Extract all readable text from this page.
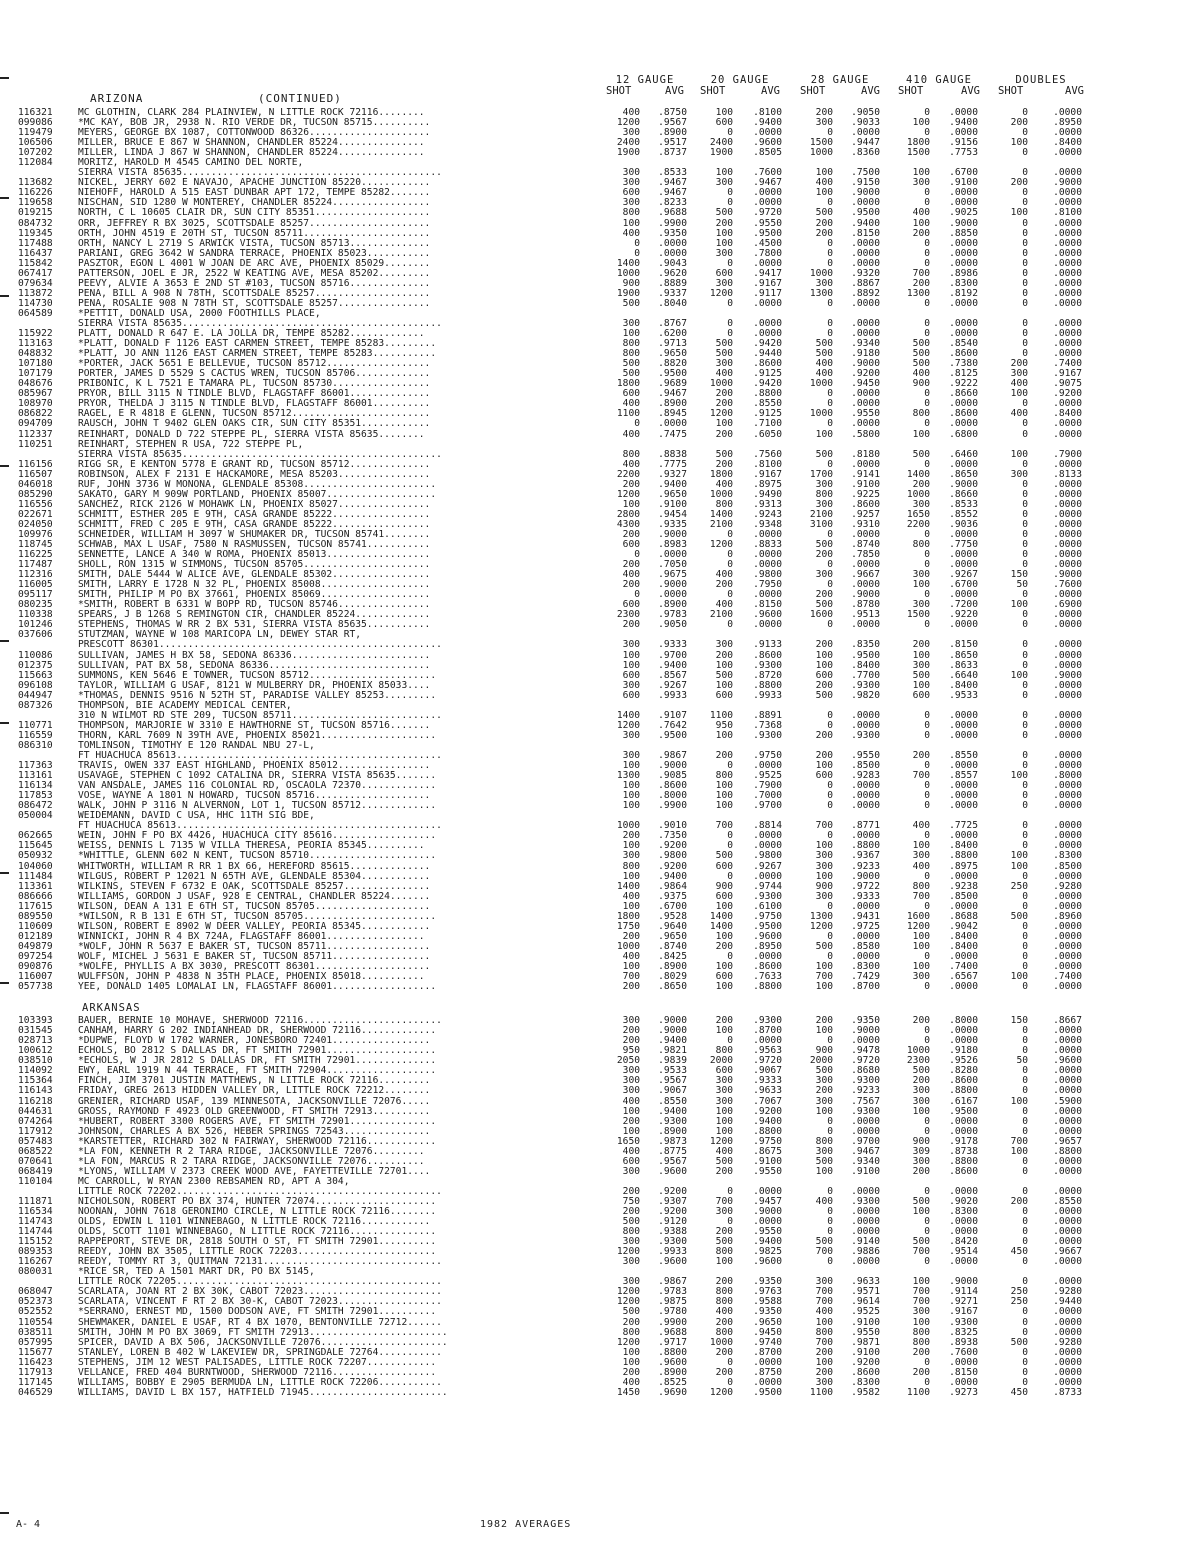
ARIZONA	(CONTINUED)
12 GAUGE
SHOT	AVG
20 GAUGE
SHOT	AVG
28 GAUGE
SHOT	AVG
410 GAUGE
SHOT	AVG
DOUBLES
SHOT	AVG
116321	MC GLOTHIN, CLARK 284 PLAINVIEW, N LITTLE ROCK 72116........	400	.8750	100	.8100	200	.9050	0	.0000	0	.0000
099086	*MC KAY, BOB JR, 2938 N. RIO VERDE DR, TUCSON 85715..........	1200	.9567	600	.9400	300	.9033	100	.9400	200	.8950
119479	MEYERS, GEORGE BX 1087, COTTONWOOD 86326.....................	300	.8900	0	.0000	0	.0000	0	.0000	0	.0000
106506	MILLER, BRUCE E 867 W SHANNON, CHANDLER 85224...............	2400	.9517	2400	.9600	1500	.9447	1800	.9156	100	.8400
107202	MILLER, LINDA J 867 W SHANNON, CHANDLER 85224...............	1900	.8737	1900	.8505	1000	.8360	1500	.7753	0	.0000
112084	MORITZ, HAROLD M 4545 CAMINO DEL NORTE,
SIERRA VISTA 85635.............................................	300	.8533	100	.7600	100	.7500	100	.6700	0	.0000
113682	NICKEL, JERRY 602 E NAVAJO, APACHE JUNCTION 85220............	300	.9467	300	.9467	400	.9150	300	.9100	200	.9000
116226	NIEHOFF, HAROLD A 515 EAST DUNBAR APT 172, TEMPE 85282.......	600	.9467	0	.0000	100	.9000	0	.0000	0	.0000
119658	NISCHAN, SID 1280 W MONTEREY, CHANDLER 85224.................	300	.8233	0	.0000	0	.0000	0	.0000	0	.0000
019215	NORTH, C L 10605 CLAIR DR, SUN CITY 85351....................	800	.9688	500	.9720	500	.9500	400	.9025	100	.8100
084732	ORR, JEFFREY R BX 3025, SCOTTSDALE 85257.....................	100	.9900	200	.9550	200	.9400	100	.9000	0	.0000
119345	ORTH, JOHN 4519 E 20TH ST, TUCSON 85711......................	400	.9350	100	.9500	200	.8150	200	.8850	0	.0000
117488	ORTH, NANCY L 2719 S ARWICK VISTA, TUCSON 85713..............	0	.0000	100	.4500	0	.0000	0	.0000	0	.0000
116437	PARIANI, GREG 3642 W SANDRA TERRACE, PHOENIX 85023...........	0	.0000	300	.7800	0	.0000	0	.0000	0	.0000
115842	PASZTOR, EGON L 4001 W JOAN DE ARC AVE, PHOENIX 85029........	1400	.9043	0	.0000	0	.0000	0	.0000	0	.0000
067417	PATTERSON, JOEL E JR, 2522 W KEATING AVE, MESA 85202.........	1000	.9620	600	.9417	1000	.9320	700	.8986	0	.0000
079634	PEEVY, ALVIE A 3653 E 2ND ST #103, TUCSON 85716..............	900	.8889	300	.9167	300	.8867	200	.8300	0	.0000
113872	PENA, BILL A 908 N 78TH, SCOTTSDALE 85257....................	1900	.9337	1200	.9117	1300	.8892	1300	.8192	0	.0000
114730	PENA, ROSALIE 908 N 78TH ST, SCOTTSDALE 85257................	500	.8040	0	.0000	0	.0000	0	.0000	0	.0000
064589	*PETTIT, DONALD USA, 2000 FOOTHILLS PLACE,
SIERRA VISTA 85635.............................................	300	.8767	0	.0000	0	.0000	0	.0000	0	.0000
115922	PLATT, DONALD R 647 E. LA JOLLA DR, TEMPE 85282.............	100	.6200	0	.0000	0	.0000	0	.0000	0	.0000
113163	*PLATT, DONALD F 1126 EAST CARMEN STREET, TEMPE 85283.........	800	.9713	500	.9420	500	.9340	500	.8540	0	.0000
048832	*PLATT, JO ANN 1126 EAST CARMEN STREET, TEMPE 85283...........	800	.9650	500	.9440	500	.9180	500	.8600	0	.0000
107180	*PORTER, JACK 5651 E BELLEVUE, TUCSON 85712..................	500	.8820	300	.8600	400	.9000	500	.7380	200	.7400
107179	PORTER, JAMES D 5529 S CACTUS WREN, TUCSON 85706.............	500	.9500	400	.9125	400	.9200	400	.8125	300	.9167
048676	PRIBONIC, K L 7521 E TAMARA PL, TUCSON 85730.................	1800	.9689	1000	.9420	1000	.9450	900	.9222	400	.9075
085967	PRYOR, BILL 3115 N TINDLE BLVD, FLAGSTAFF 86001..............	600	.9467	200	.8800	0	.0000	0	.8660	100	.9200
108970	PRYOR, THELDA J 3115 N TINDLE BLVD, FLAGSTAFF 86001..........	400	.8900	200	.8550	0	.0000	0	.0000	0	.0000
086822	RAGEL, E R 4818 E GLENN, TUCSON 85712........................	1100	.8945	1200	.9125	1000	.9550	800	.8600	400	.8400
094709	RAUSCH, JOHN T 9402 GLEN OAKS CIR, SUN CITY 85351............	0	.0000	100	.7100	0	.0000	0	.0000	0	.0000
112337	REINHART, DONALD D 722 STEPPE PL, SIERRA VISTA 85635........	400	.7475	200	.6050	100	.5800	100	.6800	0	.0000
110251	REINHART, STEPHEN R USA, 722 STEPPE PL,
SIERRA VISTA 85635.............................................	800	.8838	500	.7560	500	.8180	500	.6460	100	.7900
116156	RIGG SR, E KENTON 5778 E GRANT RD, TUCSON 85712..............	400	.7775	200	.8100	0	.0000	0	.0000	0	.0000
116507	ROBINSON, ALEX F 2131 E HACKAMORE, MESA 85203................	2200	.9327	1800	.9167	1700	.9141	1400	.8650	300	.8133
046018	RUF, JOHN 3736 W MONONA, GLENDALE 85308.......................	200	.9400	400	.8975	300	.9100	200	.9000	0	.0000
085290	SAKATO, GARY M 909W PORTLAND, PHOENIX 85007...................	1200	.9650	1000	.9490	800	.9225	1000	.8660	0	.0000
116556	SANCHEZ, RICK 2126 W MOHAWK LN, PHOENIX 85027................	100	.9100	800	.9313	300	.8600	300	.8533	0	.0000
022671	SCHMITT, ESTHER 205 E 9TH, CASA GRANDE 85222.................	2800	.9454	1400	.9243	2100	.9257	1650	.8552	0	.0000
024050	SCHMITT, FRED C 205 E 9TH, CASA GRANDE 85222.................	4300	.9335	2100	.9348	3100	.9310	2200	.9036	0	.0000
109976	SCHNEIDER, WILLIAM H 3097 W SHUMAKER DR, TUCSON 85741........	200	.9000	0	.0000	0	.0000	0	.0000	0	.0000
118745	SCHWAB, MAX L USAF, 7580 N RASMUSSEN, TUCSON 85741...........	600	.8983	1200	.8833	500	.8740	800	.7750	0	.0000
116225	SENNETTE, LANCE A 340 W ROMA, PHOENIX 85013..................	0	.0000	0	.0000	200	.7850	0	.0000	0	.0000
117487	SHOLL, RON 1315 W SIMMONS, TUCSON 85705......................	200	.7050	0	.0000	0	.0000	0	.0000	0	.0000
112316	SMITH, DALE 5444 W ALICE AVE, GLENDALE 85302.................	400	.9675	400	.9800	300	.9667	300	.9267	150	.9000
116005	SMITH, LARRY E 1728 N 32 PL, PHOENIX 85008...................	200	.9000	200	.7950	0	.0000	100	.6700	50	.7600
095117	SMITH, PHILIP M PO BX 37661, PHOENIX 85069...................	0	.0000	0	.0000	200	.9000	0	.0000	0	.0000
080235	*SMITH, ROBERT B 6331 W BOPP RD, TUCSON 85746................	600	.8900	400	.8150	500	.8780	300	.7200	100	.6900
110338	SPEARS, J B 1268 S REMINGTON CIR, CHANDLER 85224.............	2300	.9783	2100	.9600	1600	.9513	1500	.9220	0	.0000
101246	STEPHENS, THOMAS W RR 2 BX 531, SIERRA VISTA 85635...........	200	.9050	0	.0000	0	.0000	0	.0000	0	.0000
037606	STUTZMAN, WAYNE W 108 MARICOPA LN, DEWEY STAR RT,
PRESCOTT 86301.................................................	300	.9333	300	.9133	200	.8350	200	.8150	0	.0000
110086	SULLIVAN, JAMES H BX 58, SEDONA 86336........................	100	.9700	200	.8600	100	.9500	100	.8650	0	.0000
012375	SULLIVAN, PAT BX 58, SEDONA 86336............................	100	.9400	100	.9300	100	.8400	300	.8633	0	.0000
115663	SUMMONS, KEN 5646 E TOWNER, TUCSON 85712......................	600	.8567	500	.8720	600	.7700	500	.6640	100	.9000
096108	TAYLOR, WILLIAM G USAF, 8121 W MULBERRY DR, PHOENIX 85033....	300	.9267	100	.8800	200	.9300	100	.8400	0	.0000
044947	*THOMAS, DENNIS 9516 N 52TH ST, PARADISE VALLEY 85253.........	600	.9933	600	.9933	500	.9820	600	.9533	0	.0000
087326	THOMPSON, BIE ACADEMY MEDICAL CENTER,
310 N WILMOT RD STE 209, TUCSON 85711..........................	1400	.9107	1100	.8891	0	.0000	0	.0000	0	.0000
110771	THOMPSON, MARJORIE W 3310 E HAWTHORNE ST, TUCSON 85716.......	1200	.7642	950	.7368	0	.0000	0	.0000	0	.0000
116559	THORN, KARL 7609 N 39TH AVE, PHOENIX 85021....................	300	.9500	100	.9300	200	.9300	0	.0000	0	.0000
086310	TOMLINSON, TIMOTHY E 120 RANDAL NBU 27-L,
FT HUACHUCA 85613..............................................	300	.9867	200	.9750	200	.9550	200	.8550	0	.0000
117363	TRAVIS, OWEN 337 EAST HIGHLAND, PHOENIX 85012................	100	.9000	0	.0000	100	.8500	0	.0000	0	.0000
113161	USAVAGE, STEPHEN C 1092 CATALINA DR, SIERRA VISTA 85635.......	1300	.9085	800	.9525	600	.9283	700	.8557	100	.8000
116134	VAN ANSDALE, JAMES 116 COLONIAL RD, OSCAOLA 72370.............	100	.8600	100	.7900	0	.0000	0	.0000	0	.0000
117853	VOSE, WAYNE A 1801 N HOWARD, TUCSON 85716....................	100	.8000	100	.7000	0	.0000	0	.0000	0	.0000
086472	WALK, JOHN P 3116 N ALVERNON, LOT 1, TUCSON 85712.............	100	.9900	100	.9700	0	.0000	0	.0000	0	.0000
050004	WEIDEMANN, DAVID C USA, HHC 11TH SIG BDE,
FT HUACHUCA 85613..............................................	1000	.9010	700	.8814	700	.8771	400	.7725	0	.0000
062665	WEIN, JOHN F PO BX 4426, HUACHUCA CITY 85616..................	200	.7350	0	.0000	0	.0000	0	.0000	0	.0000
115645	WEISS, DENNIS L 7135 W VILLA THERESA, PEORIA 85345..........	100	.9200	0	.0000	100	.8800	100	.8400	0	.0000
050932	*WHITTLE, GLENN 602 N KENT, TUCSON 85710......................	300	.9800	500	.9800	300	.9367	300	.8800	100	.8300
104060	WHITWORTH, WILLIAM R RR 1 BX 66, HEREFORD 85615..............	800	.9200	600	.9267	300	.9233	400	.8975	100	.8500
111484	WILGUS, ROBERT P 12021 N 65TH AVE, GLENDALE 85304............	100	.9400	0	.0000	100	.9000	0	.0000	0	.0000
113361	WILKINS, STEVEN F 6732 E OAK, SCOTTSDALE 85257...............	1400	.9864	900	.9744	900	.9722	800	.9238	250	.9280
086666	WILLIAMS, GORDON J USAF, 928 E CENTRAL, CHANDLER 85224.......	400	.9375	600	.9300	300	.9333	700	.8500	0	.0000
117615	WILSON, DEAN A 131 E 6TH ST, TUCSON 85705....................	100	.6700	100	.6100	0	.0000	0	.0000	0	.0000
089550	*WILSON, R B 131 E 6TH ST, TUCSON 85705.......................	1800	.9528	1400	.9750	1300	.9431	1600	.8688	500	.8960
110609	WILSON, ROBERT E 8902 W DEER VALLEY, PEORIA 85345............	1750	.9640	1400	.9500	1200	.9725	1200	.9042	0	.0000
012189	WINNICKI, JOHN R 4 BX 724A, FLAGSTAFF 86001.................	200	.9650	100	.9600	0	.0000	100	.8400	0	.0000
049879	*WOLF, JOHN R 5637 E BAKER ST, TUCSON 85711..................	1000	.8740	200	.8950	500	.8580	100	.8400	0	.0000
097254	WOLF, MICHEL J 5631 E BAKER ST, TUCSON 85711.................	400	.8425	0	.0000	0	.0000	0	.0000	0	.0000
090876	*WOLFE, PHYLLIS A BX 3030, PRESCOTT 86301....................	100	.8900	100	.8600	100	.8300	100	.7400	0	.0000
116007	WULFFSON, JOHN P 4838 N 35TH PLACE, PHOENIX 85018...........	700	.8029	600	.7633	700	.7429	300	.6567	100	.7400
057738	YEE, DONALD 1405 LOMALAI LN, FLAGSTAFF 86001..................	200	.8650	100	.8800	100	.8700	0	.0000	0	.0000
ARKANSAS
103393	BAUER, BERNIE 10 MOHAVE, SHERWOOD 72116........................	300	.9000	200	.9300	200	.9350	200	.8000	150	.8667
031545	CANHAM, HARRY G 202 INDIANHEAD DR, SHERWOOD 72116.............	200	.9000	100	.8700	100	.9000	0	.0000	0	.0000
028713	*DUPWE, FLOYD W 1702 WARNER, JONESBORO 72401.................	200	.9400	0	.0000	0	.0000	0	.0000	0	.0000
100612	ECHOLS, BO 2812 S DALLAS DR, FT SMITH 72901...................	950	.9821	800	.9563	900	.9478	1000	.9180	0	.0000
038510	*ECHOLS, W J JR 2812 S DALLAS DR, FT SMITH 72901..............	2050	.9839	2000	.9720	2000	.9720	2300	.9526	50	.9600
114092	EWY, EARL 1919 N 44 TERRACE, FT SMITH 72904...................	300	.9533	600	.9067	500	.8680	500	.8280	0	.0000
115364	FINCH, JIM 3701 JUSTIN MATTHEWS, N LITTLE ROCK 72116.........	300	.9567	300	.9333	300	.9300	200	.8600	0	.0000
116143	FRIDAY, GREG 2613 HIDDEN VALLEY DR, LITTLE ROCK 72212........	300	.9067	300	.9633	200	.9233	300	.8800	0	.0000
116218	GRENIER, RICHARD USAF, 139 MINNESOTA, JACKSONVILLE 72076.....	400	.8550	300	.7067	300	.7567	300	.6167	100	.5900
044631	GROSS, RAYMOND F 4923 OLD GREENWOOD, FT SMITH 72913..........	100	.9400	100	.9200	100	.9300	100	.9500	0	.0000
074264	*HUBERT, ROBERT 3300 ROGERS AVE, FT SMITH 72901...............	200	.9300	100	.9400	0	.0000	0	.0000	0	.0000
117912	JOHNSON, CHARLES A BX 526, HEBER SPRINGS 72543...............	100	.8900	100	.8800	0	.0000	0	.0000	0	.0000
057483	*KARSTETTER, RICHARD 302 N FAIRWAY, SHERWOOD 72116............	1650	.9873	1200	.9750	800	.9700	900	.9178	700	.9657
068522	*LA FON, KENNETH R 2 TARA RIDGE, JACKSONVILLE 72076.........	400	.8775	400	.8675	300	.9467	309	.8738	100	.8800
070641	*LA FON, MARCUS R 2 TARA RIDGE, JACKSONVILLE 72076..........	600	.9567	500	.9100	500	.9340	300	.8800	0	.0000
068419	*LYONS, WILLIAM V 2373 CREEK WOOD AVE, FAYETTEVILLE 72701....	300	.9600	200	.9550	100	.9100	200	.8600	0	.0000
110104	MC CARROLL, W RYAN 2300 REBSAMEN RD, APT A 304,
LITTLE ROCK 72202..............................................	200	.9200	0	.0000	0	.0000	0	.0000	0	.0000
111871	NICHOLSON, ROBERT PO BX 374, HUNTER 72074.....................	750	.9307	700	.9457	400	.9300	500	.9020	200	.8550
116534	NOONAN, JOHN 7618 GERONIMO CIRCLE, N LITTLE ROCK 72116........	200	.9200	300	.9000	0	.0000	100	.8300	0	.0000
114743	OLDS, EDWIN L 1101 WINNEBAGO, N LITTLE ROCK 72116............	500	.9120	0	.0000	0	.0000	0	.0000	0	.0000
114744	OLDS, SCOTT 1101 WINNEBAGO, N LITTLE ROCK 72116...............	800	.9388	200	.9550	0	.0000	0	.0000	0	.0000
115152	RAPPEPORT, STEVE DR, 2818 SOUTH O ST, FT SMITH 72901..........	300	.9300	500	.9400	500	.9140	500	.8420	0	.0000
089353	REEDY, JOHN BX 3505, LITTLE ROCK 72203........................	1200	.9933	800	.9825	700	.9886	700	.9514	450	.9667
116267	REEDY, TOMMY RT 3, QUITMAN 72131...............................	300	.9600	100	.9600	0	.0000	0	.0000	0	.0000
080031	*RICE SR, TED A 1501 MART DR, PO BX 5145,
LITTLE ROCK 72205..............................................	300	.9867	200	.9350	300	.9633	100	.9000	0	.0000
068047	SCARLATA, JOAN RT 2 BX 30K, CABOT 72023........................	1200	.9783	800	.9763	700	.9571	700	.9114	250	.9280
052373	SCARLATA, VINCENT F RT 2 BX 30-K, CABOT 72023..................	1200	.9875	800	.9588	700	.9614	700	.9271	250	.9440
052552	*SERRANO, ERNEST MD, 1500 DODSON AVE, FT SMITH 72901..........	500	.9780	400	.9350	400	.9525	300	.9167	0	.0000
110554	SHEWMAKER, DANIEL E USAF, RT 4 BX 1070, BENTONVILLE 72712......	200	.9900	200	.9650	100	.9100	100	.9300	0	.0000
038511	SMITH, JOHN M PO BX 3069, FT SMITH 72913........................	800	.9688	800	.9450	800	.9550	800	.8325	0	.0000
057995	SPICER, DAVID A BX 506, JACKSONVILLE 72076......................	1200	.9717	1000	.9740	700	.9871	800	.8938	500	.9280
115677	STANLEY, LOREN B 402 W LAKEVIEW DR, SPRINGDALE 72764...........	100	.8800	200	.8700	200	.9100	200	.7600	0	.0000
116423	STEPHENS, JIM 12 WEST PALISADES, LITTLE ROCK 72207............	100	.9600	0	.0000	100	.9200	0	.0000	0	.0000
117913	VELLANCE, FRED 404 BURNTWOOD, SHERWOOD 72116..................	200	.8900	200	.8750	200	.8600	200	.8150	0	.0000
117145	WILLIAMS, BOBBY E 2905 BERMUDA LN, LITTLE ROCK 72206...........	400	.8525	0	.0000	300	.8300	0	.0000	0	.0000
046529	WILLIAMS, DAVID L BX 157, HATFIELD 71945........................	1450	.9690	1200	.9500	1100	.9582	1100	.9273	450	.8733
A- 4	1982 AVERAGES
